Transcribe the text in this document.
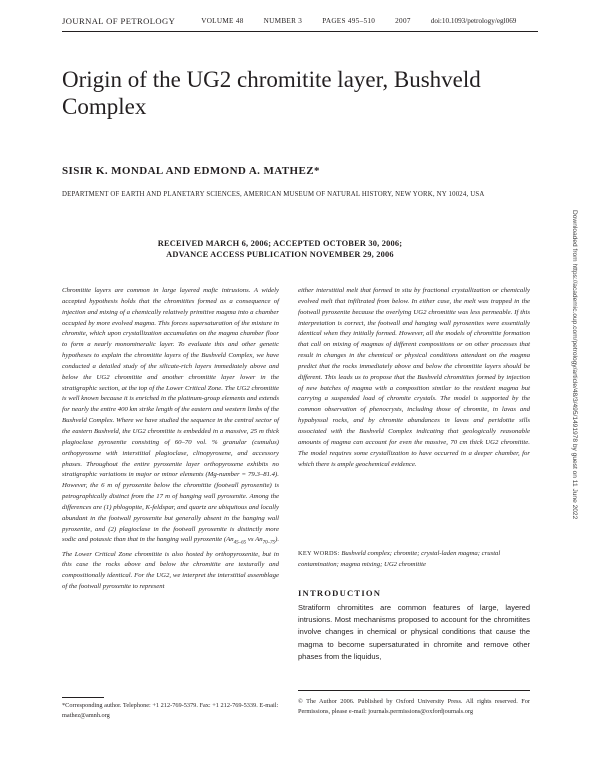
JOURNAL OF PETROLOGY	VOLUME 48	NUMBER 3	PAGES 495–510	2007	doi:10.1093/petrology/egl069
Origin of the UG2 chromitite layer, Bushveld Complex
SISIR K. MONDAL AND EDMOND A. MATHEZ*
DEPARTMENT OF EARTH AND PLANETARY SCIENCES, AMERICAN MUSEUM OF NATURAL HISTORY, NEW YORK, NY 10024, USA
RECEIVED MARCH 6, 2006; ACCEPTED OCTOBER 30, 2006;
ADVANCE ACCESS PUBLICATION NOVEMBER 29, 2006
Chromitite layers are common in large layered mafic intrusions. A widely accepted hypothesis holds that the chromitites formed as a consequence of injection and mixing of a chemically relatively primitive magma into a chamber occupied by more evolved magma. This forces supersaturation of the mixture in chromite, which upon crystallization accumulates on the magma chamber floor to form a nearly monomineralic layer. To evaluate this and other genetic hypotheses to explain the chromitite layers of the Bushveld Complex, we have conducted a detailed study of the silicate-rich layers immediately above and below the UG2 chromitite and another chromitite layer lower in the stratigraphic section, at the top of the Lower Critical Zone. The UG2 chromitite is well known because it is enriched in the platinum-group elements and extends for nearly the entire 400 km strike length of the eastern and western limbs of the Bushveld Complex. Where we have studied the sequence in the central sector of the eastern Bushveld, the UG2 chromitite is embedded in a massive, 25 m thick plagioclase pyroxenite consisting of 60–70 vol. % granular (cumulus) orthopyroxene with interstitial plagioclase, clinopyroxene, and accessory phases. Throughout the entire pyroxenite layer orthopyroxene exhibits no stratigraphic variations in major or minor elements (Mg-number = 79.3–81.4). However, the 6 m of pyroxenite below the chromitite (footwall pyroxenite) is petrographically distinct from the 17 m of hanging wall pyroxenite. Among the differences are (1) phlogopite, K-feldspar, and quartz are ubiquitous and locally abundant in the footwall pyroxenite but generally absent in the hanging wall pyroxenite, and (2) plagioclase in the footwall pyroxenite is distinctly more sodic and potassic than that in the hanging wall pyroxenite ($An_{45-65}$ vs $An_{70-75}$). The Lower Critical Zone chromitite is also hosted by orthopyroxenite, but in this case the rocks above and below the chromitite are texturally and compositionally identical. For the UG2, we interpret the interstitial assemblage of the footwall pyroxenite to represent
either interstitial melt that formed in situ by fractional crystallization or chemically evolved melt that infiltrated from below. In either case, the melt was trapped in the footwall pyroxenite because the overlying UG2 chromitite was less permeable. If this interpretation is correct, the footwall and hanging wall pyroxenites were essentially identical when they initially formed. However, all the models of chromitite formation that call on mixing of magmas of different compositions or on other processes that result in changes in the chemical or physical conditions attendant on the magma predict that the rocks immediately above and below the chromitite layers should be different. This leads us to propose that the Bushveld chromitites formed by injection of new batches of magma with a composition similar to the resident magma but carrying a suspended load of chromite crystals. The model is supported by the common observation of phenocrysts, including those of chromite, in lavas and hypabyssal rocks, and by chromite abundances in lavas and peridotite sills associated with the Bushveld Complex indicating that geologically reasonable amounts of magma can account for even the massive, 70 cm thick UG2 chromitite. The model requires some crystallization to have occurred in a deeper chamber, for which there is ample geochemical evidence.
KEY WORDS: Bushveld complex; chromite; crystal-laden magma; crustal contamination; magma mixing; UG2 chromitite
INTRODUCTION
Stratiform chromitites are common features of large, layered intrusions. Most mechanisms proposed to account for the chromitites involve changes in chemical or physical conditions that cause the magma to become supersaturated in chromite and remove other phases from the liquidus,
*Corresponding author. Telephone: +1 212-769-5379. Fax: +1 212-769-5339. E-mail: mathez@amnh.org
© The Author 2006. Published by Oxford University Press. All rights reserved. For Permissions, please e-mail: journals.permissions@oxfordjournals.org
Downloaded from https://academic.oup.com/petrology/article/48/3/495/1491978 by guest on 11 June 2022
